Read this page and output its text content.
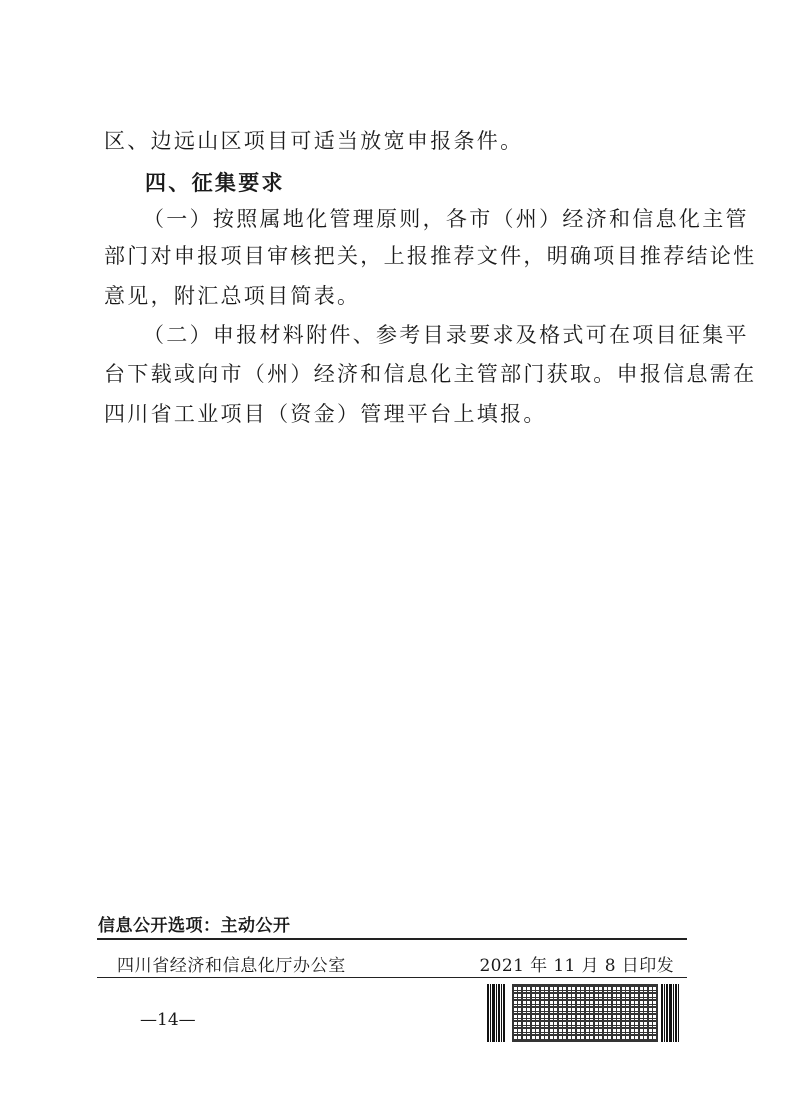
区、边远山区项目可适当放宽申报条件。
四、征集要求
（一）按照属地化管理原则，各市（州）经济和信息化主管
部门对申报项目审核把关，上报推荐文件，明确项目推荐结论性
意见，附汇总项目简表。
（二）申报材料附件、参考目录要求及格式可在项目征集平
台下载或向市（州）经济和信息化主管部门获取。申报信息需在
四川省工业项目（资金）管理平台上填报。
信息公开选项：主动公开
四川省经济和信息化厅办公室	2021 年 11 月 8 日印发
—14—
